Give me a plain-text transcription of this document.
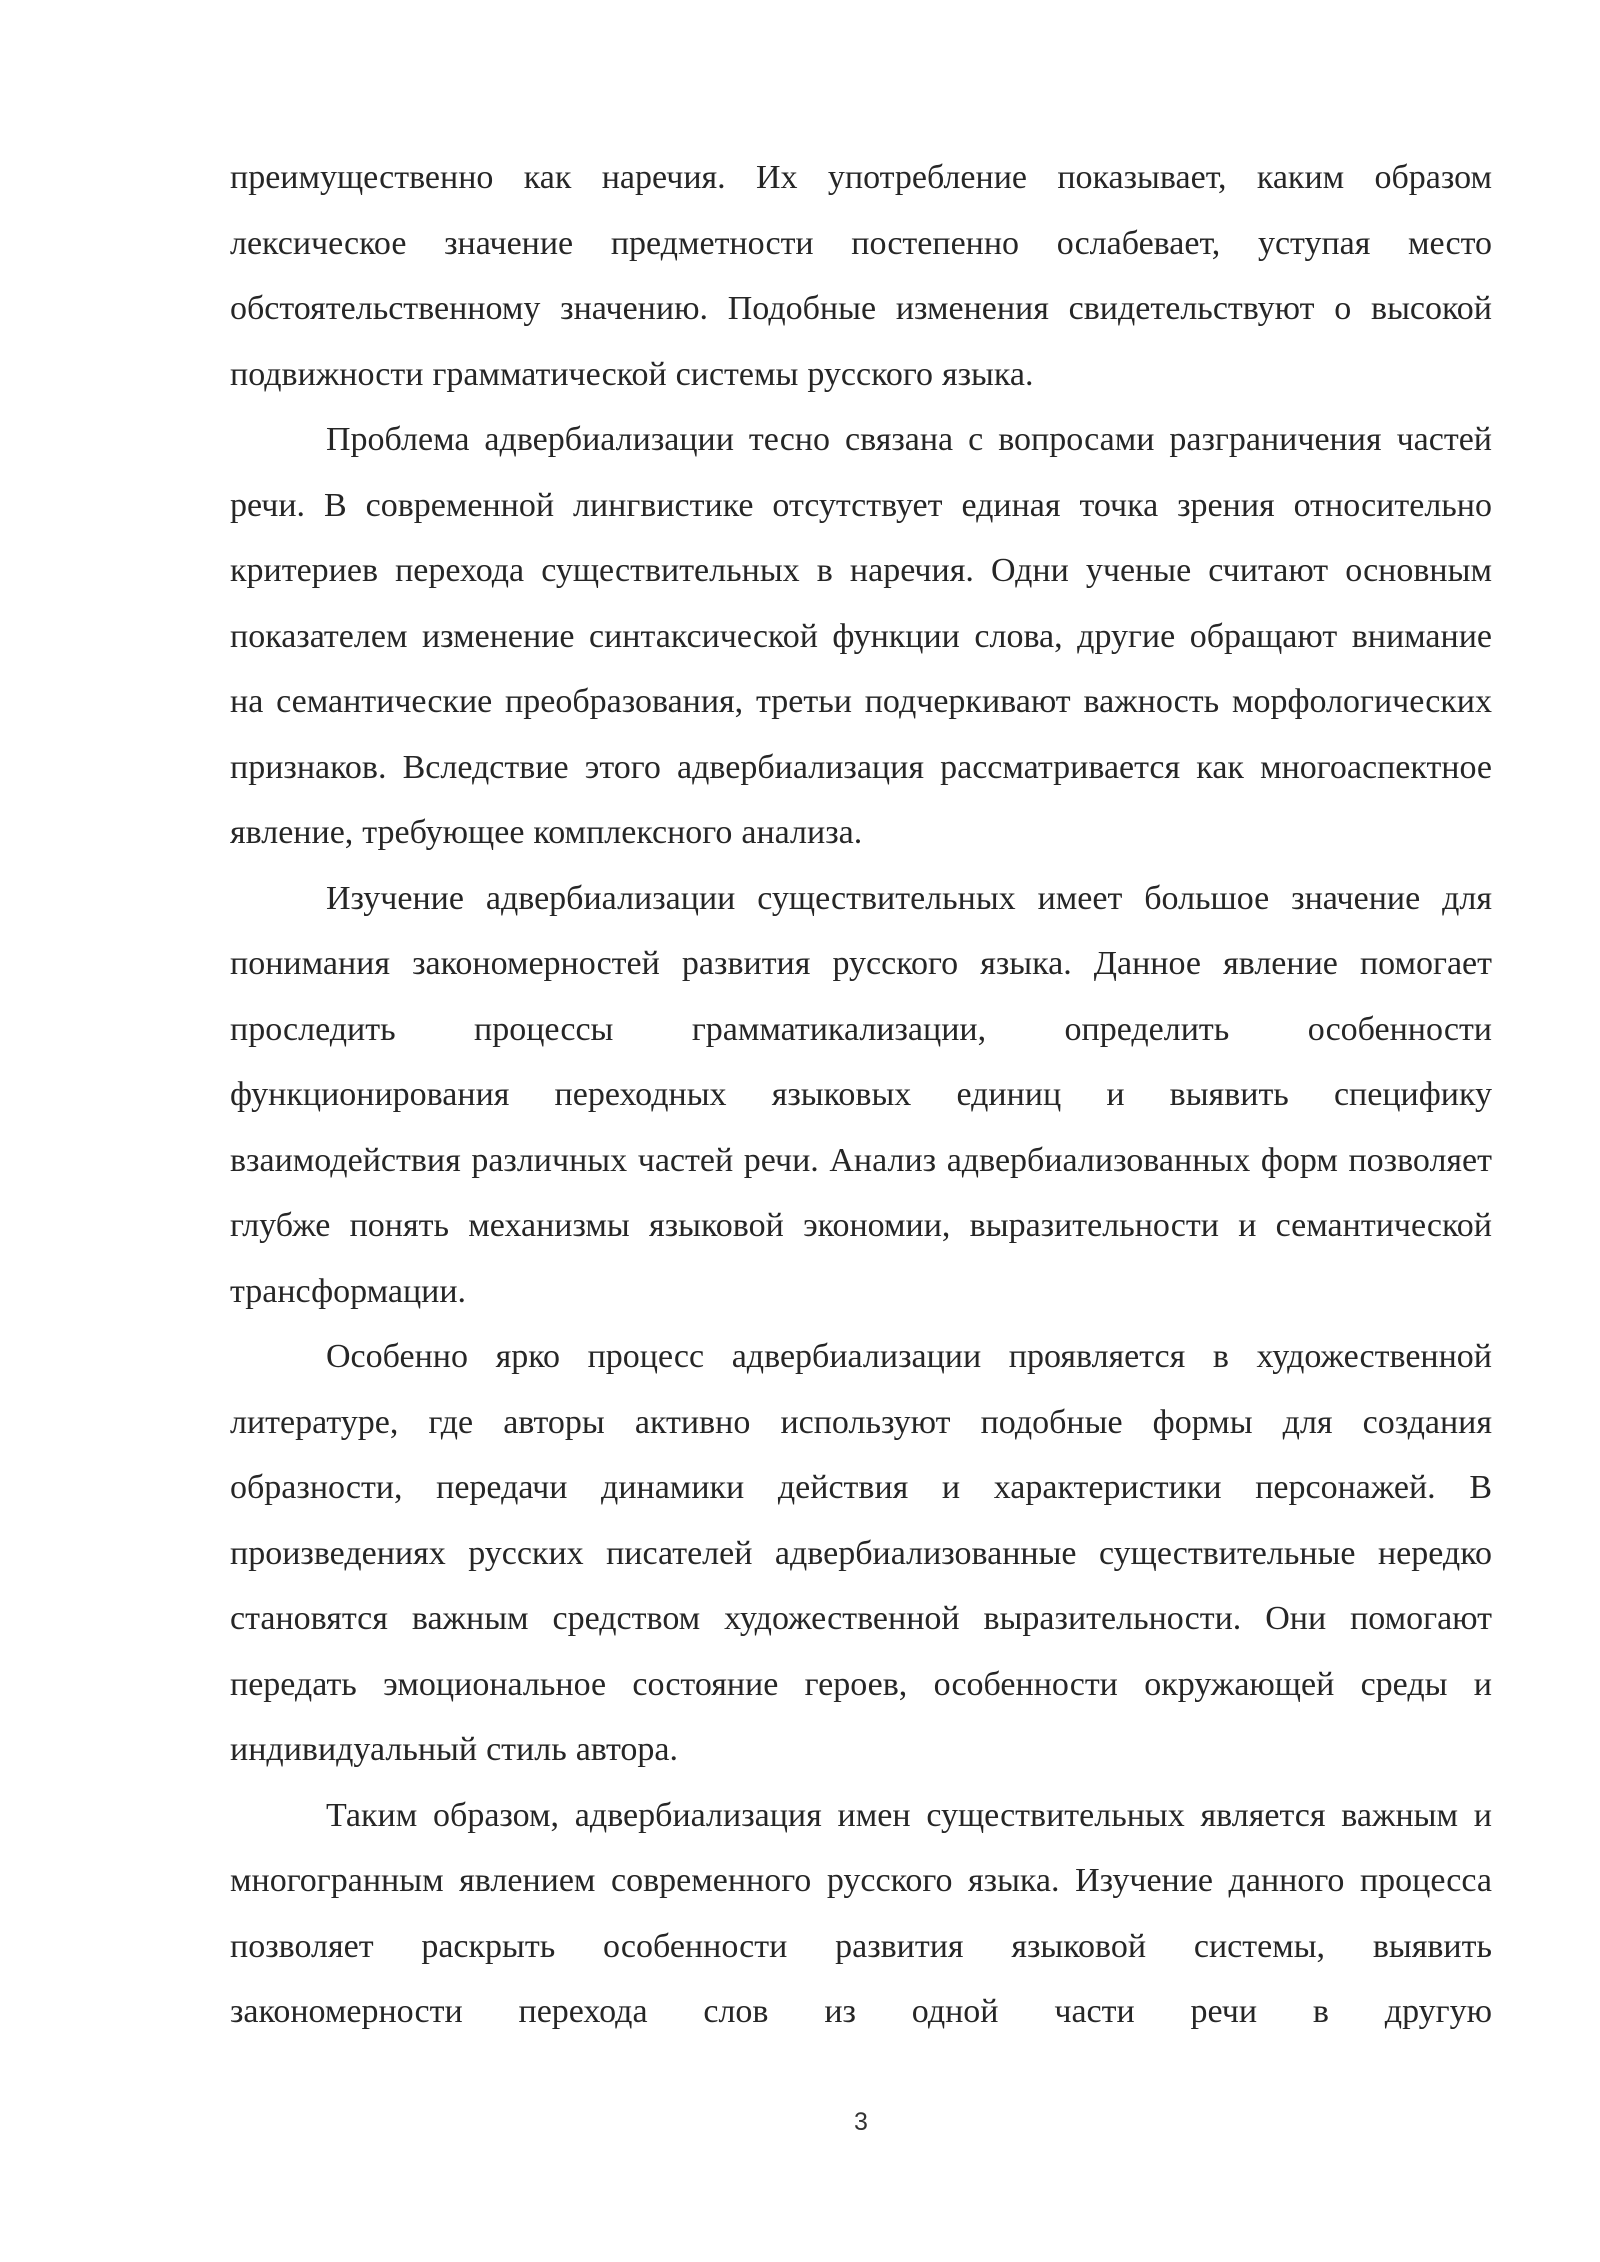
преимущественно как наречия. Их употребление показывает, каким образом лексическое значение предметности постепенно ослабевает, уступая место обстоятельственному значению. Подобные изменения свидетельствуют о высокой подвижности грамматической системы русского языка.

Проблема адвербиализации тесно связана с вопросами разграничения частей речи. В современной лингвистике отсутствует единая точка зрения относительно критериев перехода существительных в наречия. Одни ученые считают основным показателем изменение синтаксической функции слова, другие обращают внимание на семантические преобразования, третьи подчеркивают важность морфологических признаков. Вследствие этого адвербиализация рассматривается как многоаспектное явление, требующее комплексного анализа.

Изучение адвербиализации существительных имеет большое значение для понимания закономерностей развития русского языка. Данное явление помогает проследить процессы грамматикализации, определить особенности функционирования переходных языковых единиц и выявить специфику взаимодействия различных частей речи. Анализ адвербиализованных форм позволяет глубже понять механизмы языковой экономии, выразительности и семантической трансформации.

Особенно ярко процесс адвербиализации проявляется в художественной литературе, где авторы активно используют подобные формы для создания образности, передачи динамики действия и характеристики персонажей. В произведениях русских писателей адвербиализованные существительные нередко становятся важным средством художественной выразительности. Они помогают передать эмоциональное состояние героев, особенности окружающей среды и индивидуальный стиль автора.

Таким образом, адвербиализация имен существительных является важным и многогранным явлением современного русского языка. Изучение данного процесса позволяет раскрыть особенности развития языковой системы, выявить закономерности перехода слов из одной части речи в другую

3
